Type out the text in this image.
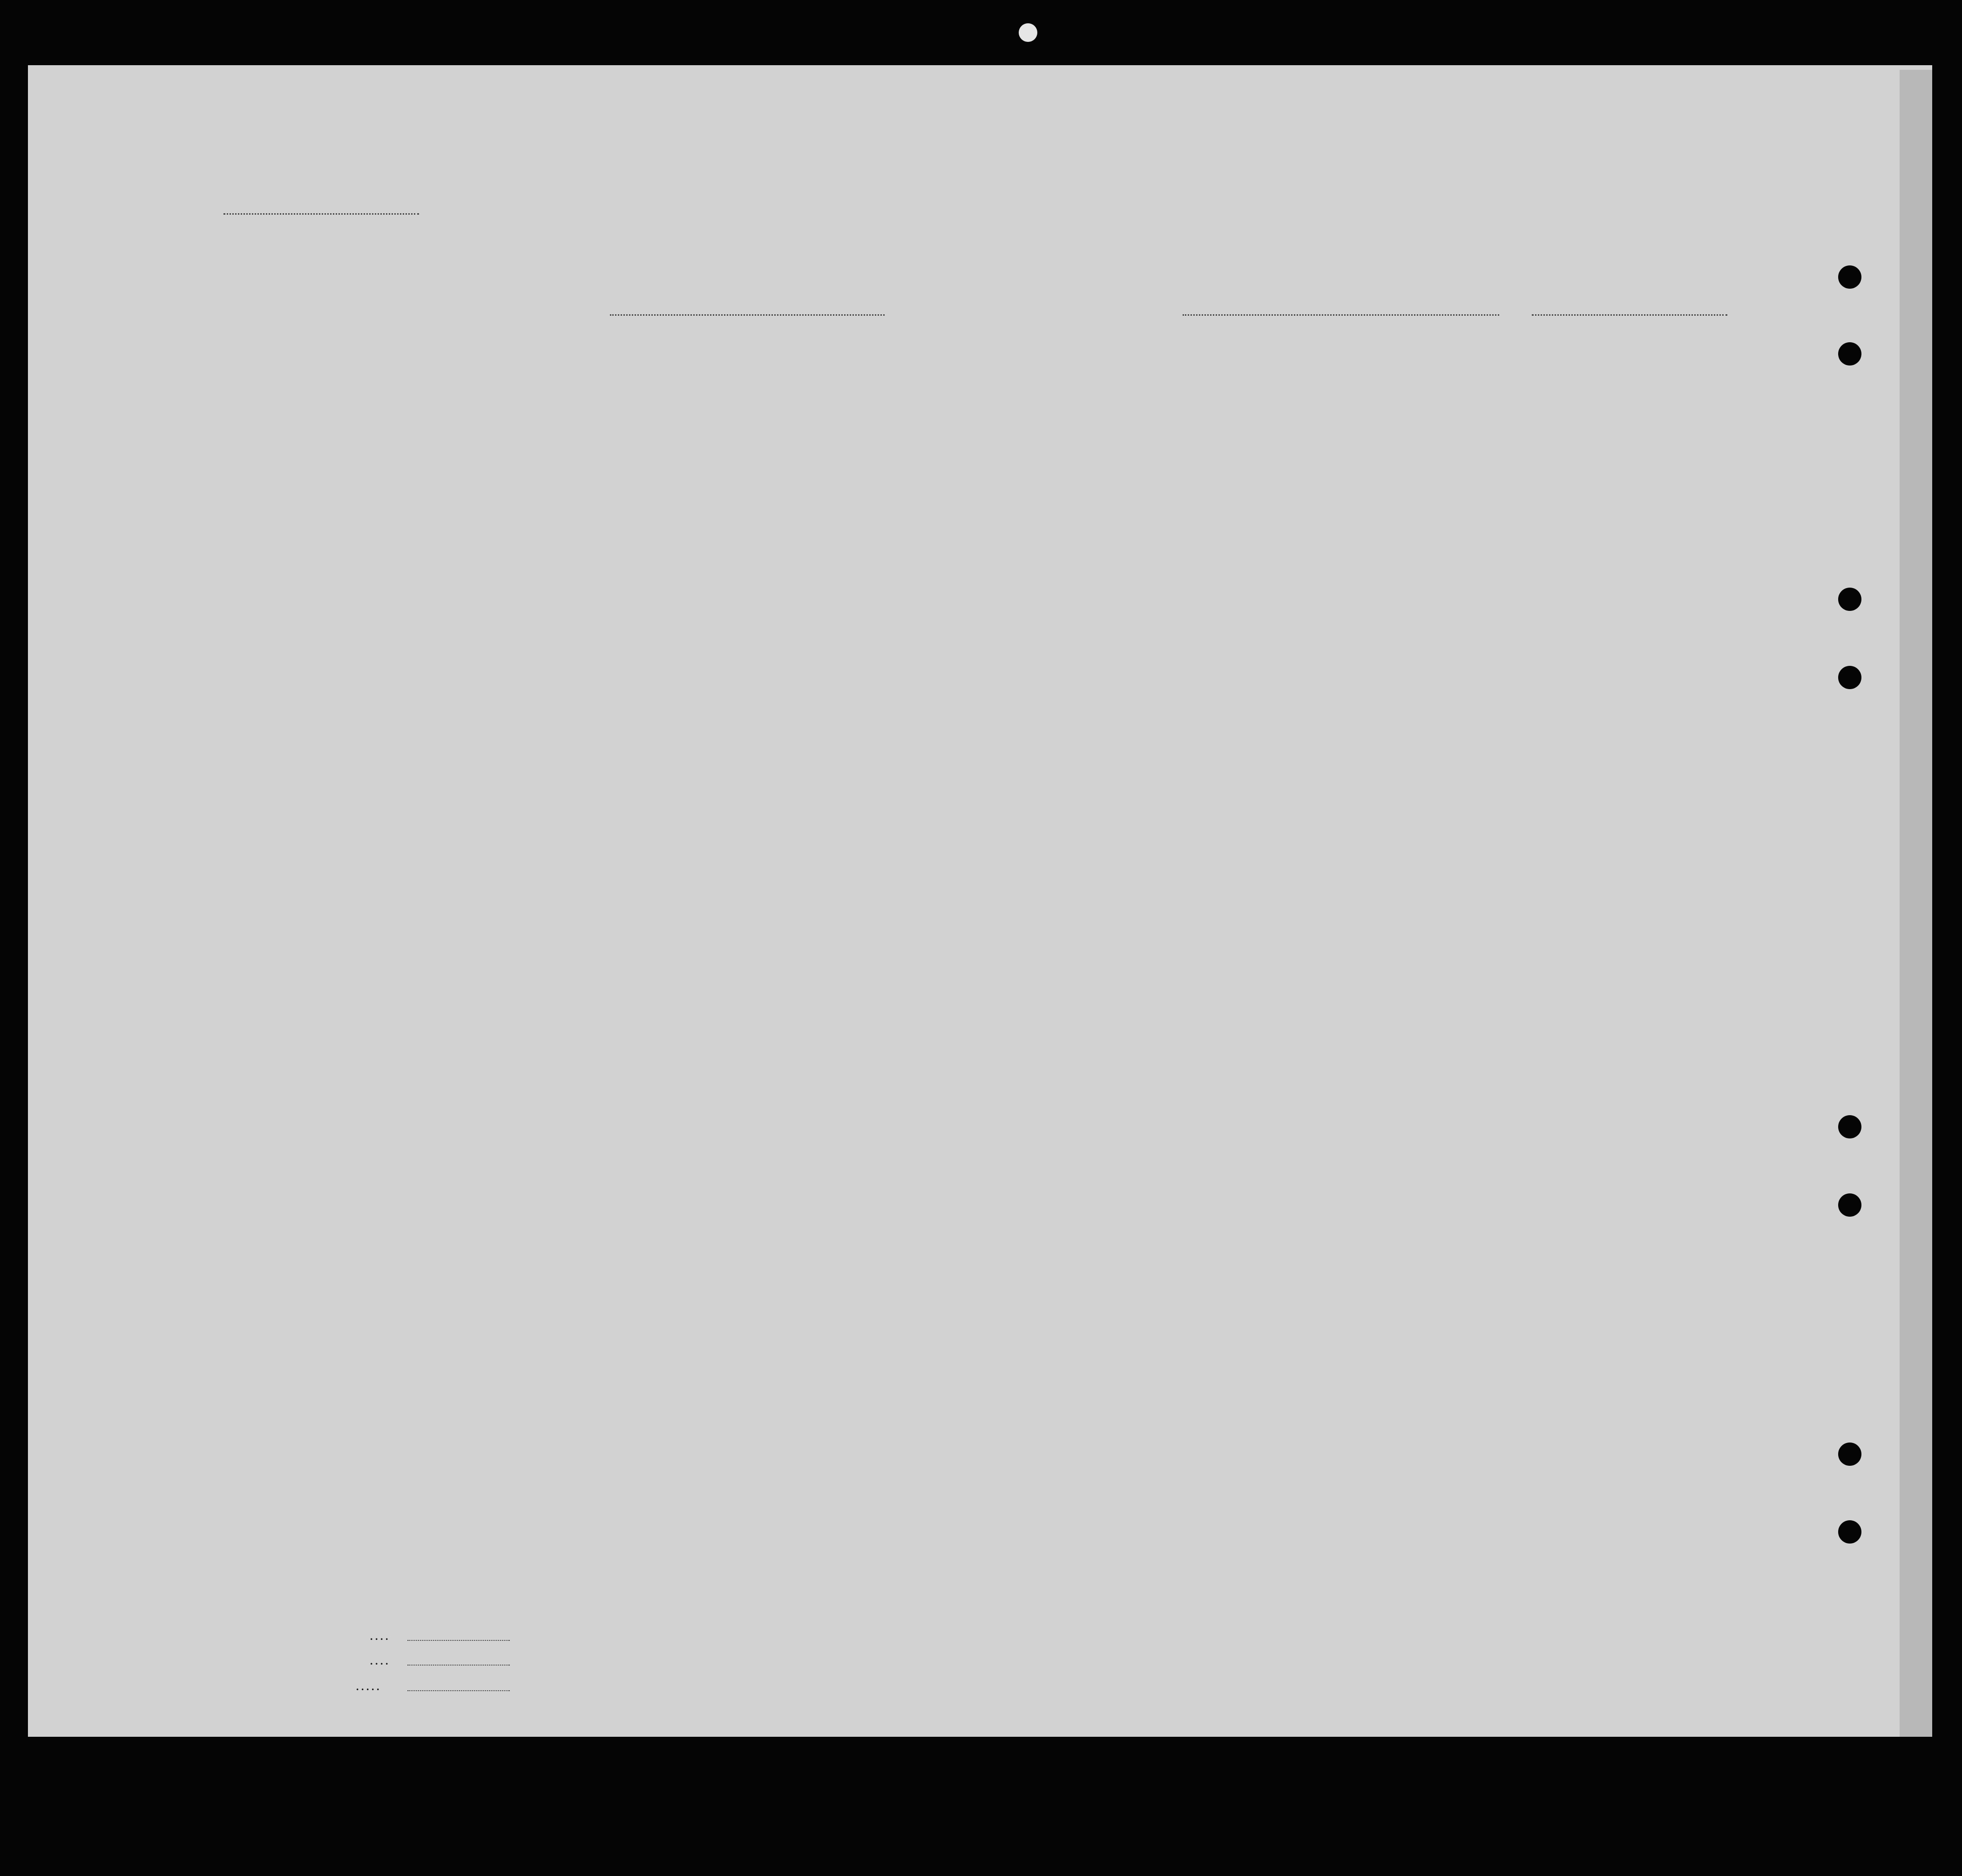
. . . .
. . . .
. . . . .
